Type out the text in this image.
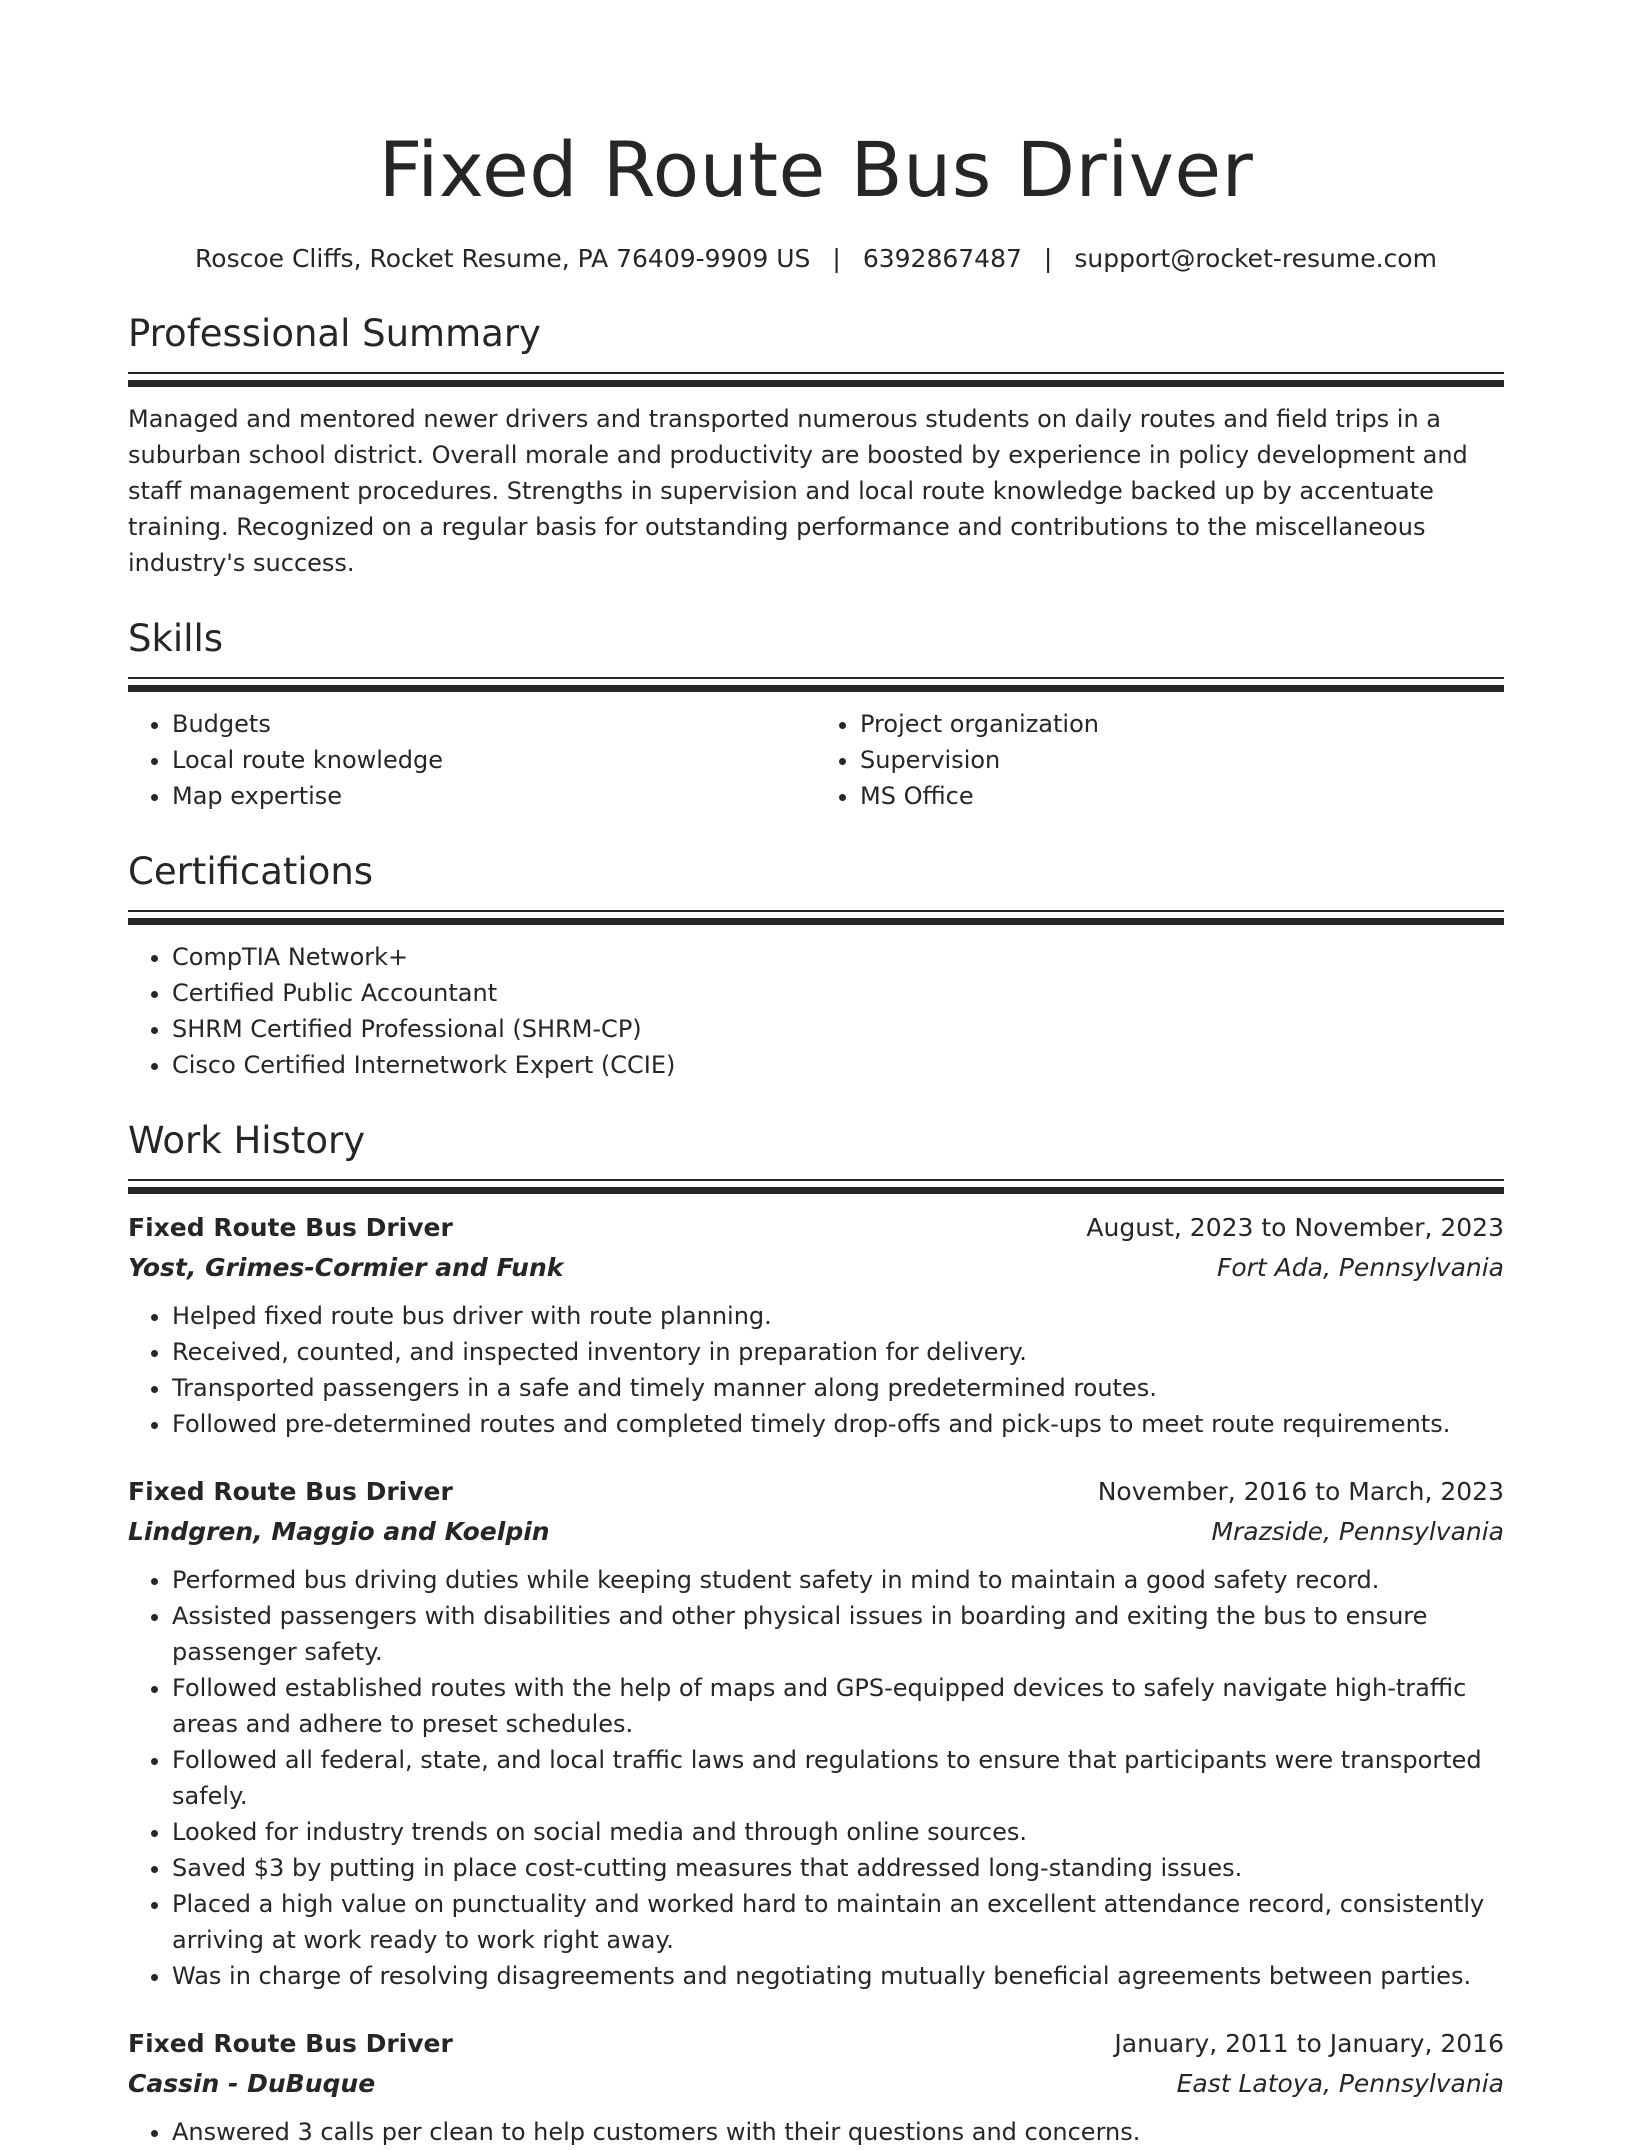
Fixed Route Bus Driver
Roscoe Cliffs, Rocket Resume, PA 76409-9909 US | 6392867487 | support@rocket-resume.com
Professional Summary
Managed and mentored newer drivers and transported numerous students on daily routes and field trips in a suburban school district. Overall morale and productivity are boosted by experience in policy development and staff management procedures. Strengths in supervision and local route knowledge backed up by accentuate training. Recognized on a regular basis for outstanding performance and contributions to the miscellaneous industry's success.
Skills
• Budgets
• Local route knowledge
• Map expertise
• Project organization
• Supervision
• MS Office
Certifications
• CompTIA Network+
• Certified Public Accountant
• SHRM Certified Professional (SHRM-CP)
• Cisco Certified Internetwork Expert (CCIE)
Work History
Fixed Route Bus Driver	August, 2023 to November, 2023
Yost, Grimes-Cormier and Funk	Fort Ada, Pennsylvania
• Helped fixed route bus driver with route planning.
• Received, counted, and inspected inventory in preparation for delivery.
• Transported passengers in a safe and timely manner along predetermined routes.
• Followed pre-determined routes and completed timely drop-offs and pick-ups to meet route requirements.
Fixed Route Bus Driver	November, 2016 to March, 2023
Lindgren, Maggio and Koelpin	Mrazside, Pennsylvania
• Performed bus driving duties while keeping student safety in mind to maintain a good safety record.
• Assisted passengers with disabilities and other physical issues in boarding and exiting the bus to ensure passenger safety.
• Followed established routes with the help of maps and GPS-equipped devices to safely navigate high-traffic areas and adhere to preset schedules.
• Followed all federal, state, and local traffic laws and regulations to ensure that participants were transported safely.
• Looked for industry trends on social media and through online sources.
• Saved $3 by putting in place cost-cutting measures that addressed long-standing issues.
• Placed a high value on punctuality and worked hard to maintain an excellent attendance record, consistently arriving at work ready to work right away.
• Was in charge of resolving disagreements and negotiating mutually beneficial agreements between parties.
Fixed Route Bus Driver	January, 2011 to January, 2016
Cassin - DuBuque	East Latoya, Pennsylvania
• Answered 3 calls per clean to help customers with their questions and concerns.
